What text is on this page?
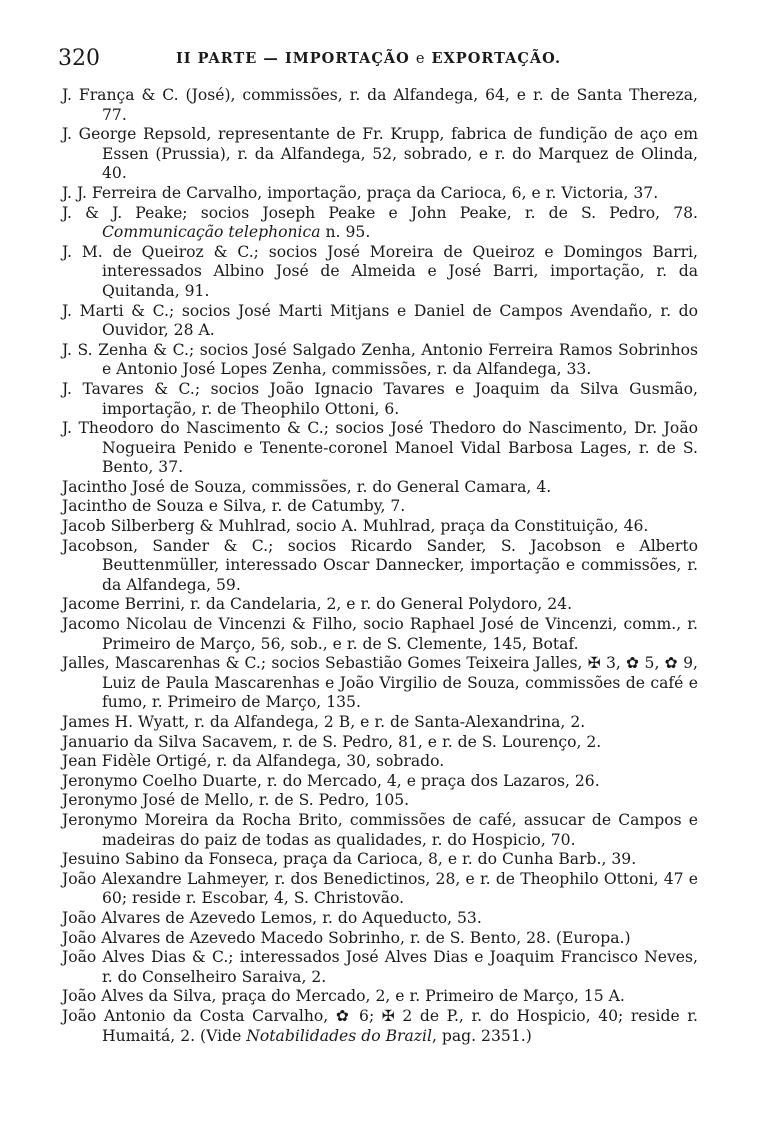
320	II PARTE — IMPORTAÇÃO e EXPORTAÇÃO.

J. França & C. (José), commissões, r. da Alfandega, 64, e r. de Santa Thereza, 77.

J. George Repsold, representante de Fr. Krupp, fabrica de fundição de aço em Essen (Prussia), r. da Alfandega, 52, sobrado, e r. do Marquez de Olinda, 40.

J. J. Ferreira de Carvalho, importação, praça da Carioca, 6, e r. Victoria, 37.

J. & J. Peake; socios Joseph Peake e John Peake, r. de S. Pedro, 78. Communicação telephonica n. 95.

J. M. de Queiroz & C.; socios José Moreira de Queiroz e Domingos Barri, interessados Albino José de Almeida e José Barri, importação, r. da Quitanda, 91.

J. Marti & C.; socios José Marti Mitjans e Daniel de Campos Avendaño, r. do Ouvidor, 28 A.

J. S. Zenha & C.; socios José Salgado Zenha, Antonio Ferreira Ramos Sobrinhos e Antonio José Lopes Zenha, commissões, r. da Alfandega, 33.

J. Tavares & C.; socios João Ignacio Tavares e Joaquim da Silva Gusmão, importação, r. de Theophilo Ottoni, 6.

J. Theodoro do Nascimento & C.; socios José Thedoro do Nascimento, Dr. João Nogueira Penido e Tenente-coronel Manoel Vidal Barbosa Lages, r. de S. Bento, 37.

Jacintho José de Souza, commissões, r. do General Camara, 4.

Jacintho de Souza e Silva, r. de Catumby, 7.

Jacob Silberberg & Muhlrad, socio A. Muhlrad, praça da Constituição, 46.

Jacobson, Sander & C.; socios Ricardo Sander, S. Jacobson e Alberto Beuttenmüller, interessado Oscar Dannecker, importação e commissões, r. da Alfandega, 59.

Jacome Berrini, r. da Candelaria, 2, e r. do General Polydoro, 24.

Jacomo Nicolau de Vincenzi & Filho, socio Raphael José de Vincenzi, comm., r. Primeiro de Março, 56, sob., e r. de S. Clemente, 145, Botaf.

Jalles, Mascarenhas & C.; socios Sebastião Gomes Teixeira Jalles, ✠ 3, ✿ 5, ✿ 9, Luiz de Paula Mascarenhas e João Virgilio de Souza, commissões de café e fumo, r. Primeiro de Março, 135.

James H. Wyatt, r. da Alfandega, 2 B, e r. de Santa-Alexandrina, 2.

Januario da Silva Sacavem, r. de S. Pedro, 81, e r. de S. Lourenço, 2.

Jean Fidèle Ortigé, r. da Alfandega, 30, sobrado.

Jeronymo Coelho Duarte, r. do Mercado, 4, e praça dos Lazaros, 26.

Jeronymo José de Mello, r. de S. Pedro, 105.

Jeronymo Moreira da Rocha Brito, commissões de café, assucar de Campos e madeiras do paiz de todas as qualidades, r. do Hospicio, 70.

Jesuino Sabino da Fonseca, praça da Carioca, 8, e r. do Cunha Barb., 39.

João Alexandre Lahmeyer, r. dos Benedictinos, 28, e r. de Theophilo Ottoni, 47 e 60; reside r. Escobar, 4, S. Christovão.

João Alvares de Azevedo Lemos, r. do Aqueducto, 53.

João Alvares de Azevedo Macedo Sobrinho, r. de S. Bento, 28. (Europa.)

João Alves Dias & C.; interessados José Alves Dias e Joaquim Francisco Neves, r. do Conselheiro Saraiva, 2.

João Alves da Silva, praça do Mercado, 2, e r. Primeiro de Março, 15 A.

João Antonio da Costa Carvalho, ✿ 6; ✠ 2 de P., r. do Hospicio, 40; reside r. Humaitá, 2. (Vide Notabilidades do Brazil, pag. 2351.)
